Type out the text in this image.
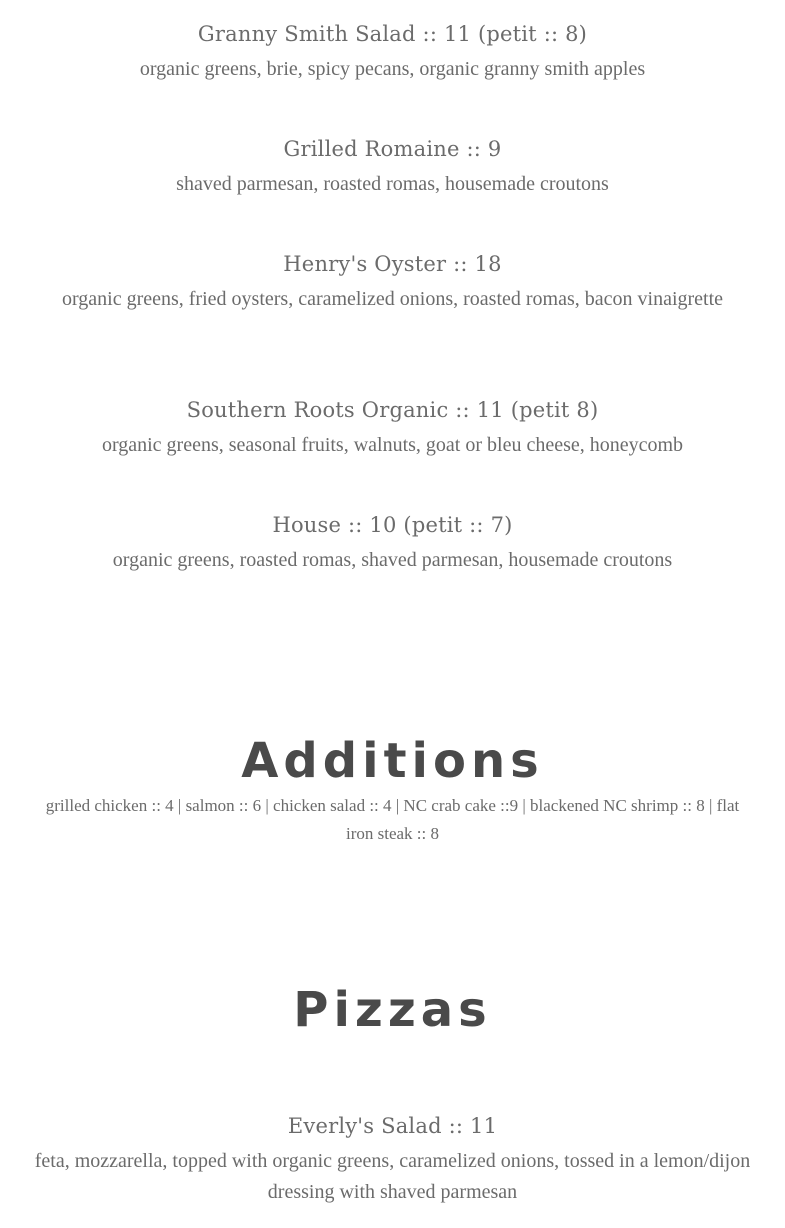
Granny Smith Salad :: 11 (petit :: 8)
organic greens, brie, spicy pecans, organic granny smith apples
Grilled Romaine :: 9
shaved parmesan, roasted romas, housemade croutons
Henry's Oyster :: 18
organic greens, fried oysters, caramelized onions, roasted romas, bacon vinaigrette
Southern Roots Organic :: 11 (petit 8)
organic greens, seasonal fruits, walnuts, goat or bleu cheese, honeycomb
House :: 10 (petit :: 7)
organic greens, roasted romas, shaved parmesan, housemade croutons
Additions
grilled chicken :: 4 | salmon :: 6 | chicken salad :: 4 | NC crab cake ::9 | blackened NC shrimp :: 8 | flat iron steak :: 8
Pizzas
Everly's Salad :: 11
feta, mozzarella, topped with organic greens, caramelized onions, tossed in a lemon/dijon dressing with shaved parmesan
